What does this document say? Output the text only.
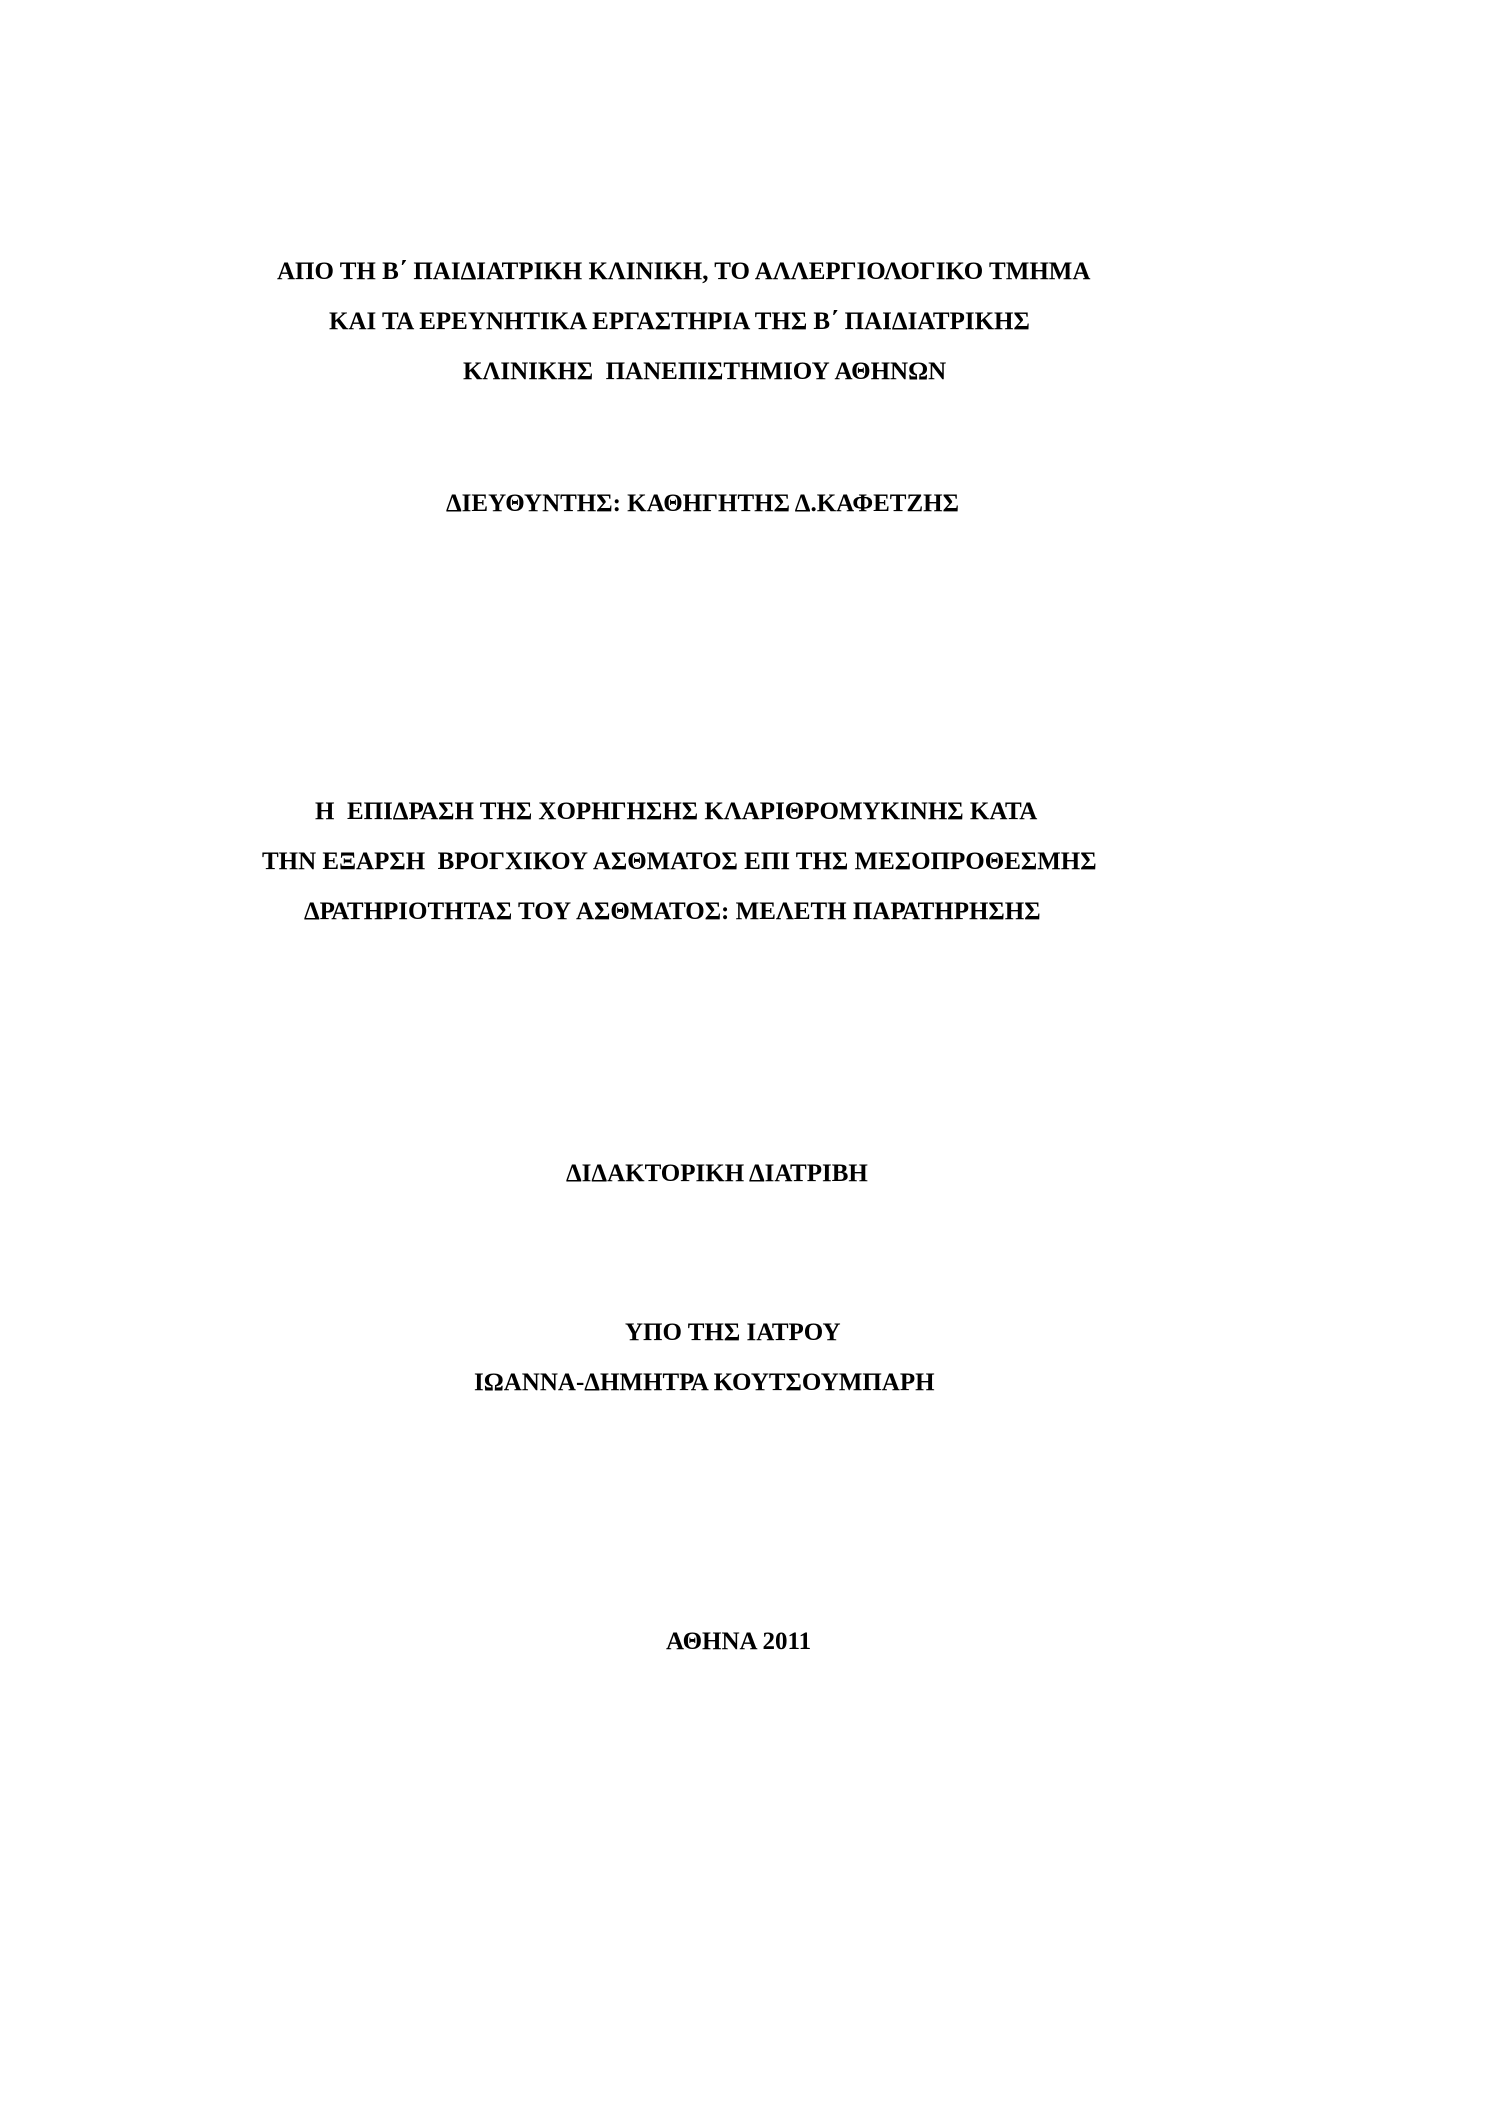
ΑΠΟ ΤΗ Β΄ ΠΑΙΔΙΑΤΡΙΚΗ ΚΛΙΝΙΚΗ, ΤΟ ΑΛΛΕΡΓΙΟΛΟΓΙΚΟ ΤΜΗΜΑ
ΚΑΙ ΤΑ ΕΡΕΥΝΗΤΙΚΑ ΕΡΓΑΣΤΗΡΙΑ ΤΗΣ Β΄ ΠΑΙΔΙΑΤΡΙΚΗΣ
ΚΛΙΝΙΚΗΣ  ΠΑΝΕΠΙΣΤΗΜΙΟΥ ΑΘΗΝΩΝ
ΔΙΕΥΘΥΝΤΗΣ: ΚΑΘΗΓΗΤΗΣ Δ.ΚΑΦΕΤΖΗΣ
Η  ΕΠΙΔΡΑΣΗ ΤΗΣ ΧΟΡΗΓΗΣΗΣ ΚΛΑΡΙΘΡΟΜΥΚΙΝΗΣ ΚΑΤΑ
ΤΗΝ ΕΞΑΡΣΗ  ΒΡΟΓΧΙΚΟΥ ΑΣΘΜΑΤΟΣ ΕΠΙ ΤΗΣ ΜΕΣΟΠΡΟΘΕΣΜΗΣ
ΔΡΑΤΗΡΙΟΤΗΤΑΣ ΤΟΥ ΑΣΘΜΑΤΟΣ: ΜΕΛΕΤΗ ΠΑΡΑΤΗΡΗΣΗΣ
ΔΙΔΑΚΤΟΡΙΚΗ ΔΙΑΤΡΙΒΗ
ΥΠΟ ΤΗΣ ΙΑΤΡΟΥ
ΙΩΑΝΝΑ-ΔΗΜΗΤΡΑ ΚΟΥΤΣΟΥΜΠΑΡΗ
ΑΘΗΝΑ 2011
